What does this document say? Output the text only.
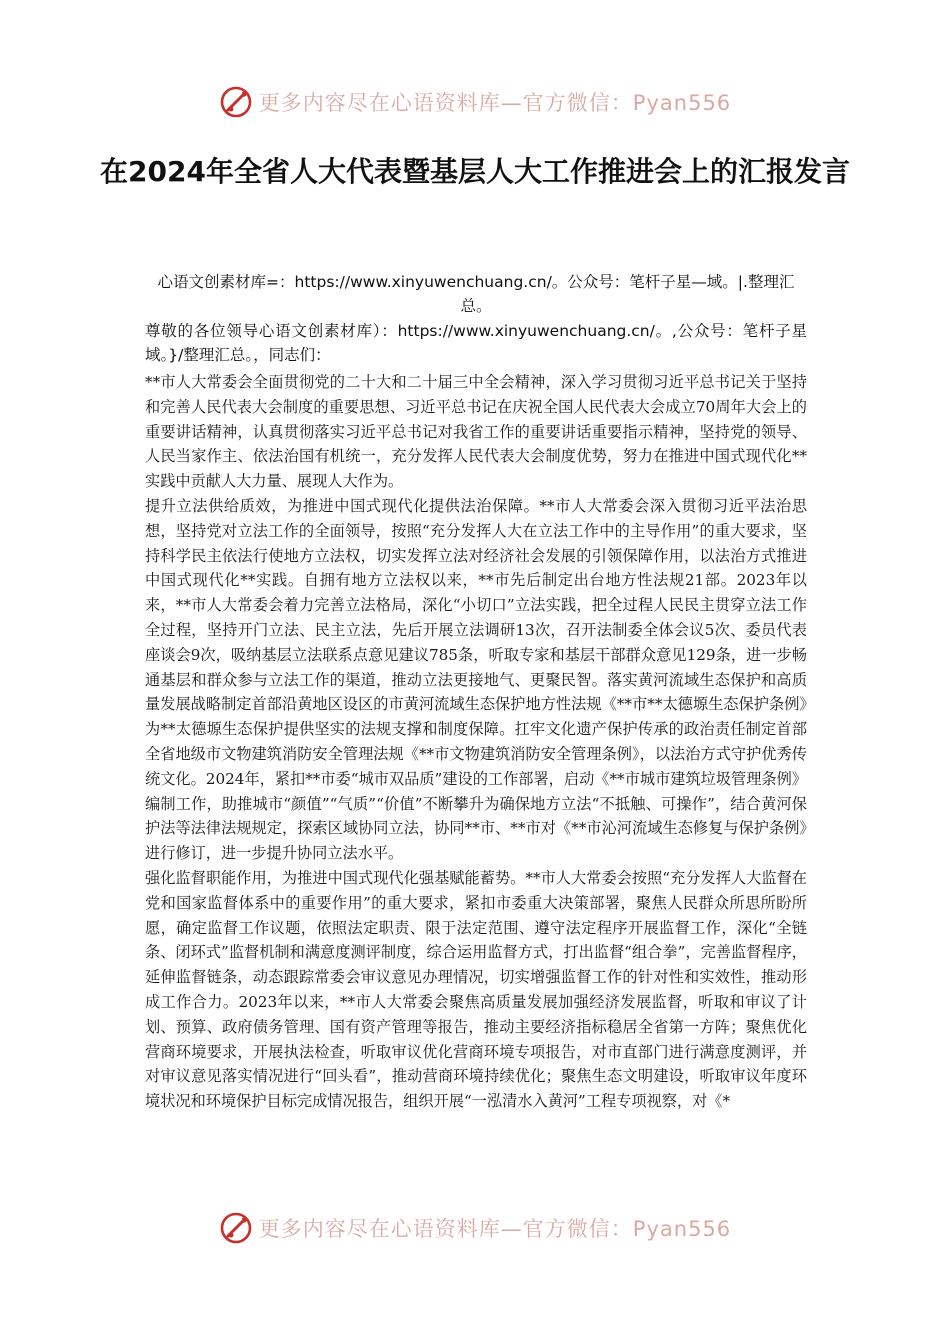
更多内容尽在心语资料库—官方微信：Pyan556
在2024年全省人大代表暨基层人大工作推进会上的汇报发言
心语文创素材库=：https://www.xinyuwenchuang.cn/。公众号：笔杆子星—域。|.整理汇总。
尊敬的各位领导心语文创素材库）：https://www.xinyuwenchuang.cn/。,公众号：笔杆子星域。}/整理汇总。，同志们：

**市人大常委会全面贯彻党的二十大和二十届三中全会精神，深入学习贯彻习近平总书记关于坚持和完善人民代表大会制度的重要思想、习近平总书记在庆祝全国人民代表大会成立70周年大会上的重要讲话精神，认真贯彻落实习近平总书记对我省工作的重要讲话重要指示精神，坚持党的领导、人民当家作主、依法治国有机统一，充分发挥人民代表大会制度优势，努力在推进中国式现代化**实践中贡献人大力量、展现人大作为。

提升立法供给质效，为推进中国式现代化提供法治保障。**市人大常委会深入贯彻习近平法治思想，坚持党对立法工作的全面领导，按照“充分发挥人大在立法工作中的主导作用”的重大要求，坚持科学民主依法行使地方立法权，切实发挥立法对经济社会发展的引领保障作用，以法治方式推进中国式现代化**实践。自拥有地方立法权以来，**市先后制定出台地方性法规21部。2023年以来，**市人大常委会着力完善立法格局，深化“小切口”立法实践，把全过程人民民主贯穿立法工作全过程，坚持开门立法、民主立法，先后开展立法调研13次，召开法制委全体会议5次、委员代表座谈会9次，吸纳基层立法联系点意见建议785条，听取专家和基层干部群众意见129条，进一步畅通基层和群众参与立法工作的渠道，推动立法更接地气、更聚民智。落实黄河流域生态保护和高质量发展战略制定首部沿黄地区设区的市黄河流域生态保护地方性法规《**市**太德塬生态保护条例》为**太德塬生态保护提供坚实的法规支撑和制度保障。扛牢文化遗产保护传承的政治责任制定首部全省地级市文物建筑消防安全管理法规《**市文物建筑消防安全管理条例》，以法治方式守护优秀传统文化。2024年，紧扣**市委“城市双品质”建设的工作部署，启动《**市城市建筑垃圾管理条例》编制工作，助推城市“颜值”“气质”“价值”不断攀升为确保地方立法“不抵触、可操作”，结合黄河保护法等法律法规规定，探索区域协同立法，协同**市、**市对《**市沁河流域生态修复与保护条例》进行修订，进一步提升协同立法水平。

强化监督职能作用，为推进中国式现代化强基赋能蓄势。**市人大常委会按照“充分发挥人大监督在党和国家监督体系中的重要作用”的重大要求，紧扣市委重大决策部署，聚焦人民群众所思所盼所愿，确定监督工作议题，依照法定职责、限于法定范围、遵守法定程序开展监督工作，深化“全链条、闭环式”监督机制和满意度测评制度，综合运用监督方式，打出监督“组合拳”，完善监督程序，延伸监督链条，动态跟踪常委会审议意见办理情况，切实增强监督工作的针对性和实效性，推动形成工作合力。2023年以来，**市人大常委会聚焦高质量发展加强经济发展监督，听取和审议了计划、预算、政府债务管理、国有资产管理等报告，推动主要经济指标稳居全省第一方阵；聚焦优化营商环境要求，开展执法检查，听取审议优化营商环境专项报告，对市直部门进行满意度测评，并对审议意见落实情况进行“回头看”，推动营商环境持续优化；聚焦生态文明建设，听取审议年度环境状况和环境保护目标完成情况报告，组织开展“一泓清水入黄河”工程专项视察，对《*

更多内容尽在心语资料库—官方微信：Pyan556
